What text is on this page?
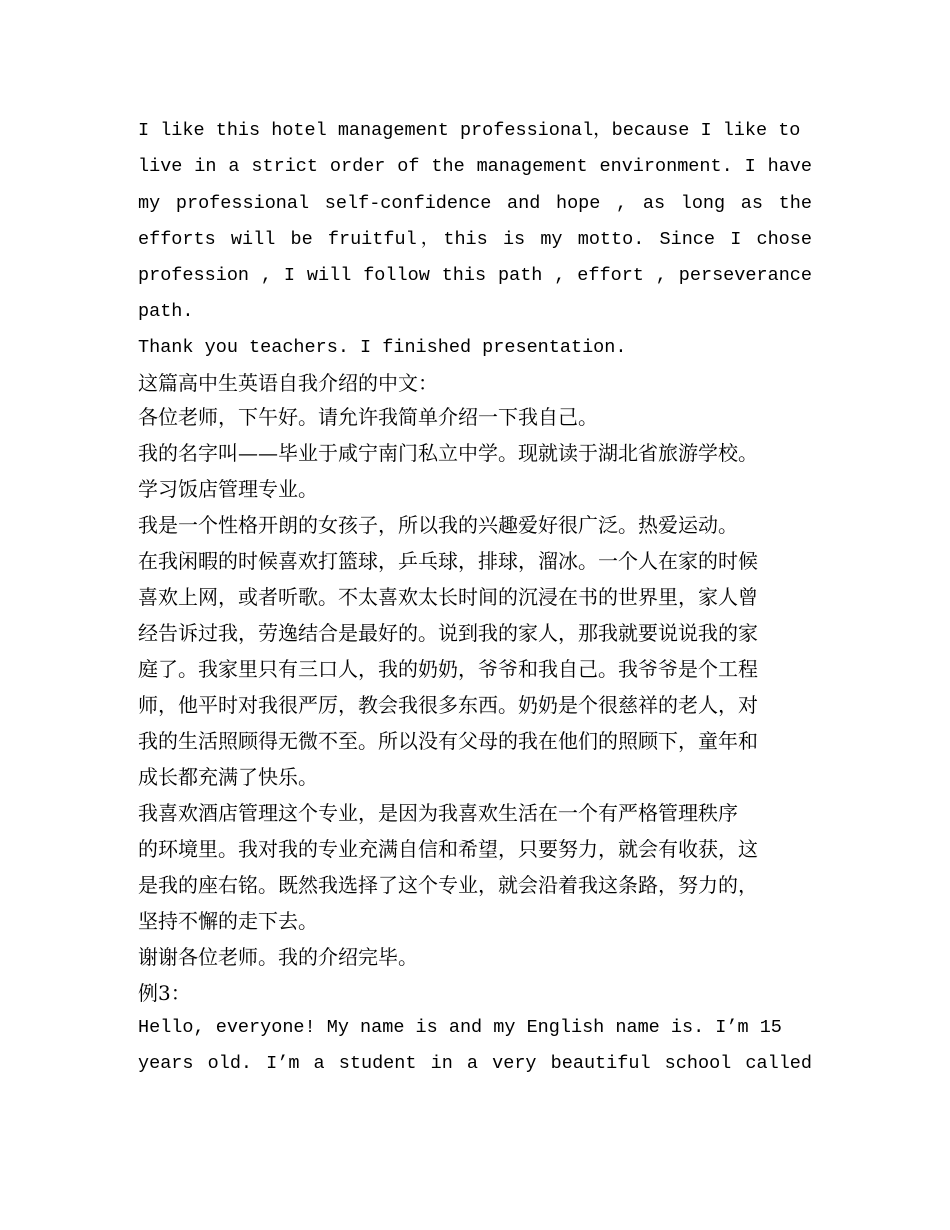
I like this hotel management professional，because I like to
live in a strict order of the management environment. I have
my professional self-confidence and hope , as long as the
efforts will be fruitful，this is my motto. Since I chose
profession , I will follow this path , effort , perseverance
path.
Thank you teachers. I finished presentation.
这篇高中生英语自我介绍的中文：
各位老师，下午好。请允许我简单介绍一下我自己。
我的名字叫——毕业于咸宁南门私立中学。现就读于湖北省旅游学校。
学习饭店管理专业。
我是一个性格开朗的女孩子，所以我的兴趣爱好很广泛。热爱运动。
在我闲暇的时候喜欢打篮球，乒乓球，排球，溜冰。一个人在家的时候
喜欢上网，或者听歌。不太喜欢太长时间的沉浸在书的世界里，家人曾
经告诉过我，劳逸结合是最好的。说到我的家人，那我就要说说我的家
庭了。我家里只有三口人，我的奶奶，爷爷和我自己。我爷爷是个工程
师，他平时对我很严厉，教会我很多东西。奶奶是个很慈祥的老人，对
我的生活照顾得无微不至。所以没有父母的我在他们的照顾下，童年和
成长都充满了快乐。
我喜欢酒店管理这个专业，是因为我喜欢生活在一个有严格管理秩序
的环境里。我对我的专业充满自信和希望，只要努力，就会有收获，这
是我的座右铭。既然我选择了这个专业，就会沿着我这条路，努力的，
坚持不懈的走下去。
谢谢各位老师。我的介绍完毕。
例3：
Hello, everyone! My name is and my English name is. I’m 15
years old. I’m a student in a very beautiful school called
